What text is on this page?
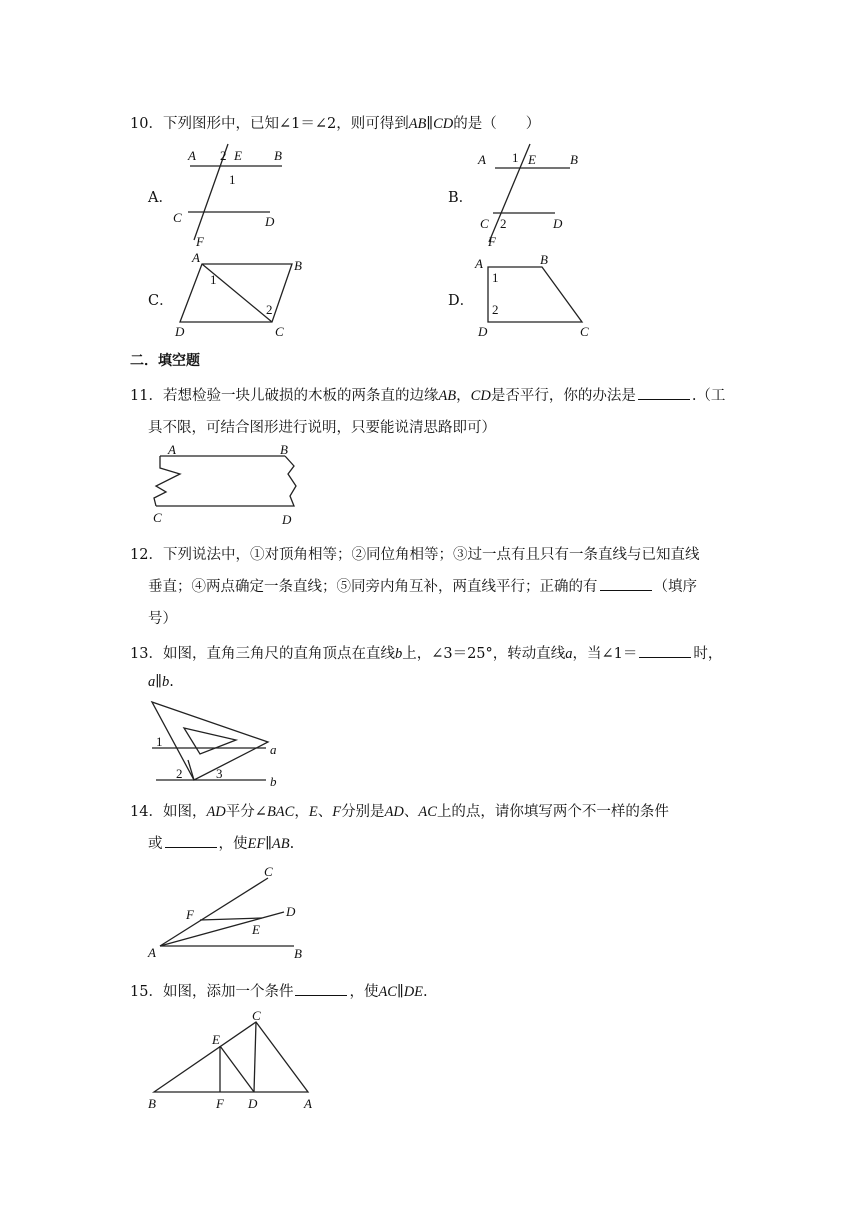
10．下列图形中，已知∠1＝∠2，则可得到AB∥CD的是（　　）
A．
A	B
2 E
1
C	D
F
B．
A	B
1 E
C 2	D
F
C．
A
B
1
2
D	C
D．
A	B
1
2
D	C
二．填空题
11．若想检验一块儿破损的木板的两条直的边缘AB，CD是否平行，你的办法是	.（工
具不限，可结合图形进行说明，只要能说清思路即可）
A	B
C	D
12．下列说法中，①对顶角相等；②同位角相等；③过一点有且只有一条直线与已知直线
垂直；④两点确定一条直线；⑤同旁内角互补，两直线平行；正确的有	（填序
号）
13．如图，直角三角尺的直角顶点在直线b上，∠3＝25°，转动直线a，当∠1＝	时，
a∥b.
1
2	3
a
b
14．如图，AD平分∠BAC，E、F分别是AD、AC上的点，请你填写两个不一样的条件
或	，使EF∥AB.
C
D
F
E
A	B
15．如图，添加一个条件	，使AC∥DE.
C
E
B	F D	A
